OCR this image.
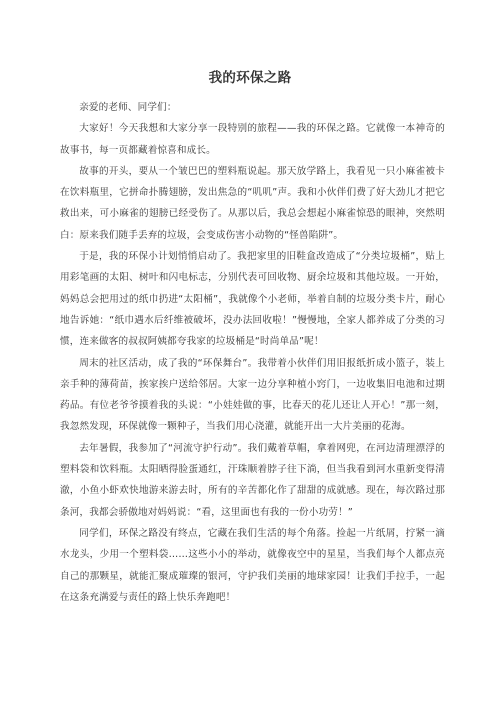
我的环保之路

亲爱的老师、同学们：

大家好！今天我想和大家分享一段特别的旅程——我的环保之路。它就像一本神奇的故事书，每一页都藏着惊喜和成长。

故事的开头，要从一个皱巴巴的塑料瓶说起。那天放学路上，我看见一只小麻雀被卡在饮料瓶里，它拼命扑腾翅膀，发出焦急的“叽叽”声。我和小伙伴们费了好大劲儿才把它救出来，可小麻雀的翅膀已经受伤了。从那以后，我总会想起小麻雀惊恐的眼神，突然明白：原来我们随手丢弃的垃圾，会变成伤害小动物的“怪兽陷阱”。

于是，我的环保小计划悄悄启动了。我把家里的旧鞋盒改造成了“分类垃圾桶”，贴上用彩笔画的太阳、树叶和闪电标志，分别代表可回收物、厨余垃圾和其他垃圾。一开始，妈妈总会把用过的纸巾扔进“太阳桶”，我就像个小老师，举着自制的垃圾分类卡片，耐心地告诉她：“纸巾遇水后纤维被破坏，没办法回收啦！”慢慢地，全家人都养成了分类的习惯，连来做客的叔叔阿姨都夸我家的垃圾桶是“时尚单品”呢！

周末的社区活动，成了我的“环保舞台”。我带着小伙伴们用旧报纸折成小篮子，装上亲手种的薄荷苗，挨家挨户送给邻居。大家一边分享种植小窍门，一边收集旧电池和过期药品。有位老爷爷摸着我的头说：“小娃娃做的事，比春天的花儿还让人开心！”那一刻，我忽然发现，环保就像一颗种子，当我们用心浇灌，就能开出一大片美丽的花海。

去年暑假，我参加了“河流守护行动”。我们戴着草帽，拿着网兜，在河边清理漂浮的塑料袋和饮料瓶。太阳晒得脸蛋通红，汗珠顺着脖子往下淌，但当我看到河水重新变得清澈，小鱼小虾欢快地游来游去时，所有的辛苦都化作了甜甜的成就感。现在，每次路过那条河，我都会骄傲地对妈妈说：“看，这里面也有我的一份小功劳！”

同学们，环保之路没有终点，它藏在我们生活的每个角落。捡起一片纸屑，拧紧一滴水龙头，少用一个塑料袋……这些小小的举动，就像夜空中的星星，当我们每个人都点亮自己的那颗星，就能汇聚成璀璨的银河，守护我们美丽的地球家园！让我们手拉手，一起在这条充满爱与责任的路上快乐奔跑吧！
